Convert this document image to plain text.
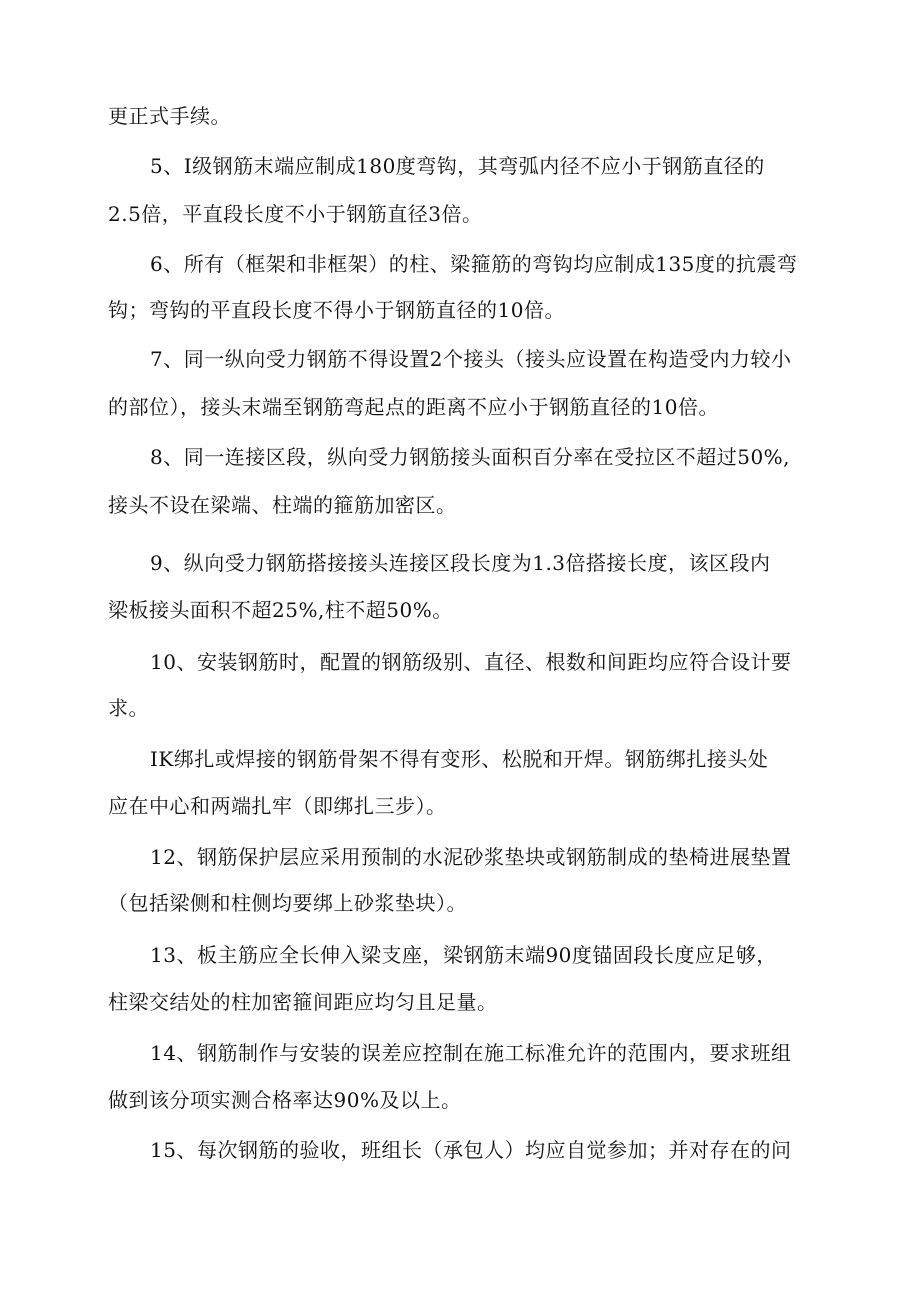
更正式手续。
5、I级钢筋末端应制成180度弯钩，其弯弧内径不应小于钢筋直径的
2.5倍，平直段长度不小于钢筋直径3倍。
6、所有（框架和非框架）的柱、梁箍筋的弯钩均应制成135度的抗震弯
钩；弯钩的平直段长度不得小于钢筋直径的10倍。
7、同一纵向受力钢筋不得设置2个接头（接头应设置在构造受内力较小
的部位），接头末端至钢筋弯起点的距离不应小于钢筋直径的10倍。
8、同一连接区段，纵向受力钢筋接头面积百分率在受拉区不超过50%,
接头不设在梁端、柱端的箍筋加密区。
9、纵向受力钢筋搭接接头连接区段长度为1.3倍搭接长度，该区段内
梁板接头面积不超25%,柱不超50%。
10、安装钢筋时，配置的钢筋级别、直径、根数和间距均应符合设计要
求。
IK绑扎或焊接的钢筋骨架不得有变形、松脱和开焊。钢筋绑扎接头处
应在中心和两端扎牢（即绑扎三步）。
12、钢筋保护层应采用预制的水泥砂浆垫块或钢筋制成的垫椅进展垫置
（包括梁侧和柱侧均要绑上砂浆垫块）。
13、板主筋应全长伸入梁支座，梁钢筋末端90度锚固段长度应足够，
柱梁交结处的柱加密箍间距应均匀且足量。
14、钢筋制作与安装的误差应控制在施工标准允许的范围内，要求班组
做到该分项实测合格率达90%及以上。
15、每次钢筋的验收，班组长（承包人）均应自觉参加；并对存在的问
